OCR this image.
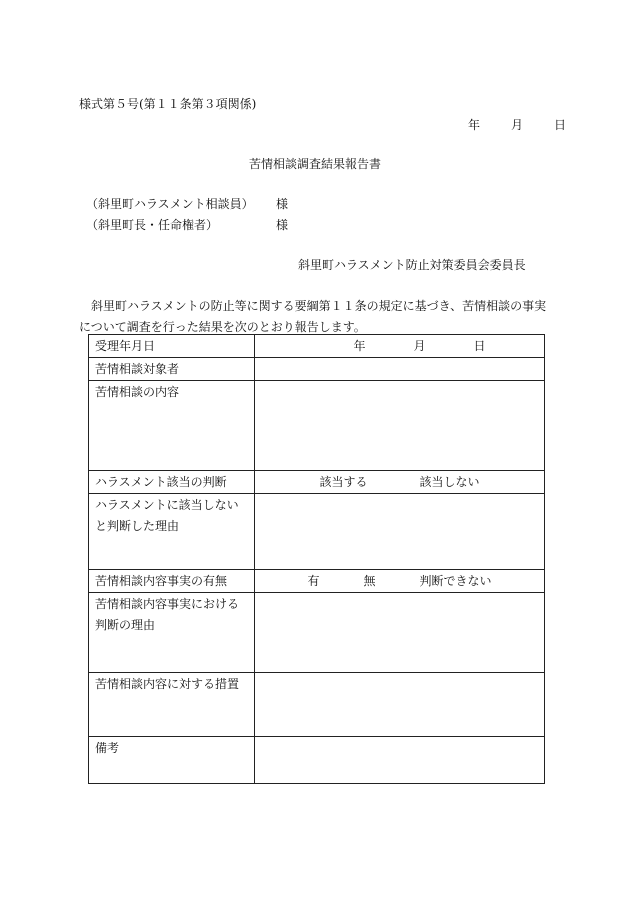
様式第５号(第１１条第３項関係)
年	月	日
苦情相談調査結果報告書
（斜里町ハラスメント相談員） 様
（斜里町長・任命権者）	様
斜里町ハラスメント防止対策委員会委員長
斜里町ハラスメントの防止等に関する要綱第１１条の規定に基づき、苦情相談の事実について調査を行った結果を次のとおり報告します。
受理年月日	年 月 日

苦情相談対象者	
苦情相談の内容	
ハラスメント該当の判断	該当する 該当しない

ハラスメントに該当しないと判断した理由	
苦情相談内容事実の有無	有 無 判断できない

苦情相談内容事実における判断の理由	
苦情相談内容に対する措置	
備考	
